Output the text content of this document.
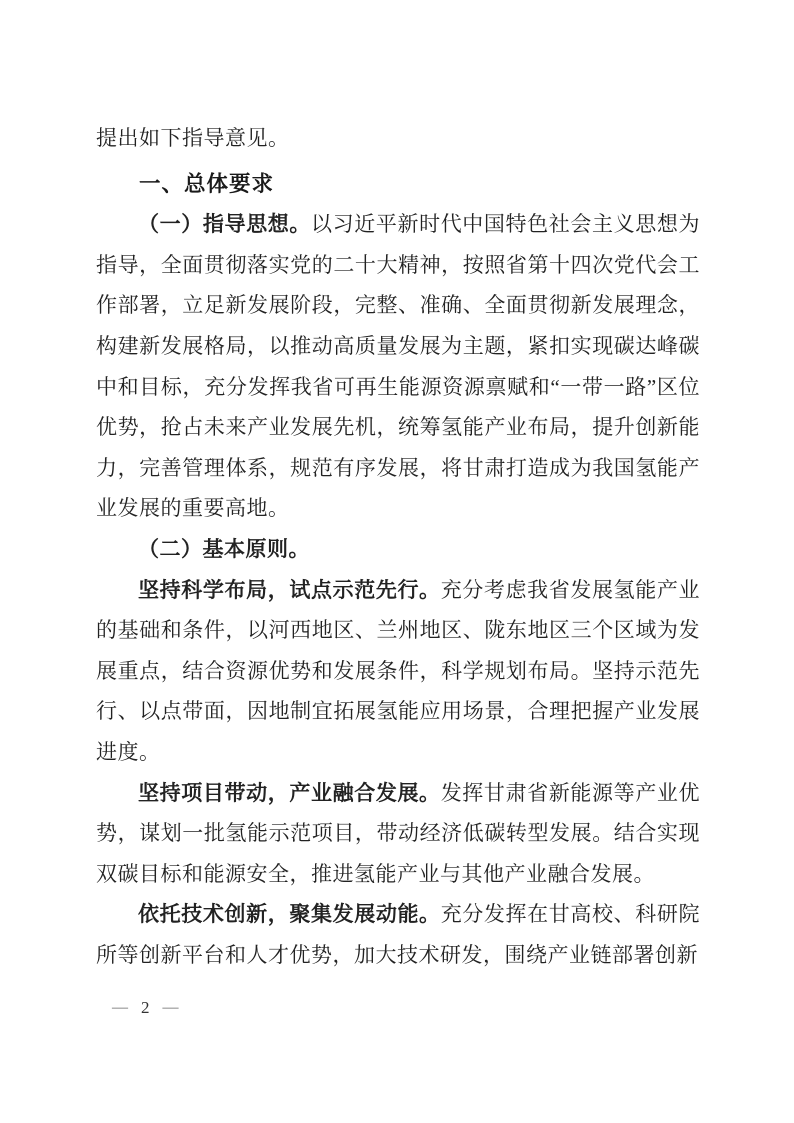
提出如下指导意见。

一、总体要求

（一）指导思想。以习近平新时代中国特色社会主义思想为指导，全面贯彻落实党的二十大精神，按照省第十四次党代会工作部署，立足新发展阶段，完整、准确、全面贯彻新发展理念，构建新发展格局，以推动高质量发展为主题，紧扣实现碳达峰碳中和目标，充分发挥我省可再生能源资源禀赋和“一带一路”区位优势，抢占未来产业发展先机，统筹氢能产业布局，提升创新能力，完善管理体系，规范有序发展，将甘肃打造成为我国氢能产业发展的重要高地。

（二）基本原则。

坚持科学布局，试点示范先行。充分考虑我省发展氢能产业的基础和条件，以河西地区、兰州地区、陇东地区三个区域为发展重点，结合资源优势和发展条件，科学规划布局。坚持示范先行、以点带面，因地制宜拓展氢能应用场景，合理把握产业发展进度。

坚持项目带动，产业融合发展。发挥甘肃省新能源等产业优势，谋划一批氢能示范项目，带动经济低碳转型发展。结合实现双碳目标和能源安全，推进氢能产业与其他产业融合发展。

依托技术创新，聚集发展动能。充分发挥在甘高校、科研院所等创新平台和人才优势，加大技术研发，围绕产业链部署创新

— 2 —
